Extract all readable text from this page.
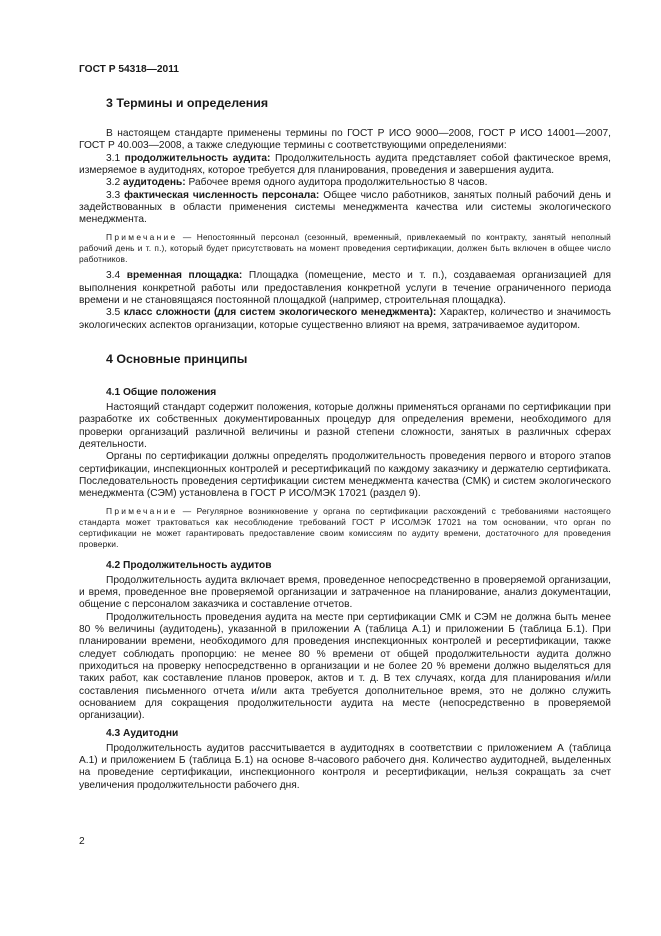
ГОСТ Р 54318—2011
3 Термины и определения

В настоящем стандарте применены термины по ГОСТ Р ИСО 9000—2008, ГОСТ Р ИСО 14001—2007, ГОСТ Р 40.003—2008, а также следующие термины с соответствующими определениями:

3.1 продолжительность аудита: Продолжительность аудита представляет собой фактическое время, измеряемое в аудитоднях, которое требуется для планирования, проведения и завершения аудита.

3.2 аудитодень: Рабочее время одного аудитора продолжительностью 8 часов.

3.3 фактическая численность персонала: Общее число работников, занятых полный рабочий день и задействованных в области применения системы менеджмента качества или системы экологического менеджмента.

Примечание — Непостоянный персонал (сезонный, временный, привлекаемый по контракту, занятый неполный рабочий день и т. п.), который будет присутствовать на момент проведения сертификации, должен быть включен в общее число работников.

3.4 временная площадка: Площадка (помещение, место и т. п.), создаваемая организацией для выполнения конкретной работы или предоставления конкретной услуги в течение ограниченного периода времени и не становящаяся постоянной площадкой (например, строительная площадка).

3.5 класс сложности (для систем экологического менеджмента): Характер, количество и значимость экологических аспектов организации, которые существенно влияют на время, затрачиваемое аудитором.

4 Основные принципы
4.1 Общие положения

Настоящий стандарт содержит положения, которые должны применяться органами по сертификации при разработке их собственных документированных процедур для определения времени, необходимого для проверки организаций различной величины и разной степени сложности, занятых в различных сферах деятельности.

Органы по сертификации должны определять продолжительность проведения первого и второго этапов сертификации, инспекционных контролей и ресертификаций по каждому заказчику и держателю сертификата. Последовательность проведения сертификации систем менеджмента качества (СМК) и систем экологического менеджмента (СЭМ) установлена в ГОСТ Р ИСО/МЭК 17021 (раздел 9).

Примечание — Регулярное возникновение у органа по сертификации расхождений с требованиями настоящего стандарта может трактоваться как несоблюдение требований ГОСТ Р ИСО/МЭК 17021 на том основании, что орган по сертификации не может гарантировать предоставление своим комиссиям по аудиту времени, достаточного для проведения проверки.

4.2 Продолжительность аудитов

Продолжительность аудита включает время, проведенное непосредственно в проверяемой организации, и время, проведенное вне проверяемой организации и затраченное на планирование, анализ документации, общение с персоналом заказчика и составление отчетов.

Продолжительность проведения аудита на месте при сертификации СМК и СЭМ не должна быть менее 80 % величины (аудитодень), указанной в приложении А (таблица А.1) и приложении Б (таблица Б.1). При планировании времени, необходимого для проведения инспекционных контролей и ресертификации, также следует соблюдать пропорцию: не менее 80 % времени от общей продолжительности аудита должно приходиться на проверку непосредственно в организации и не более 20 % времени должно выделяться для таких работ, как составление планов проверок, актов и т. д. В тех случаях, когда для планирования и/или составления письменного отчета и/или акта требуется дополнительное время, это не должно служить основанием для сокращения продолжительности аудита на месте (непосредственно в проверяемой организации).

4.3 Аудитодни

Продолжительность аудитов рассчитывается в аудитоднях в соответствии с приложением А (таблица А.1) и приложением Б (таблица Б.1) на основе 8-часового рабочего дня. Количество аудитодней, выделенных на проведение сертификации, инспекционного контроля и ресертификации, нельзя сокращать за счет увеличения продолжительности рабочего дня.

2
